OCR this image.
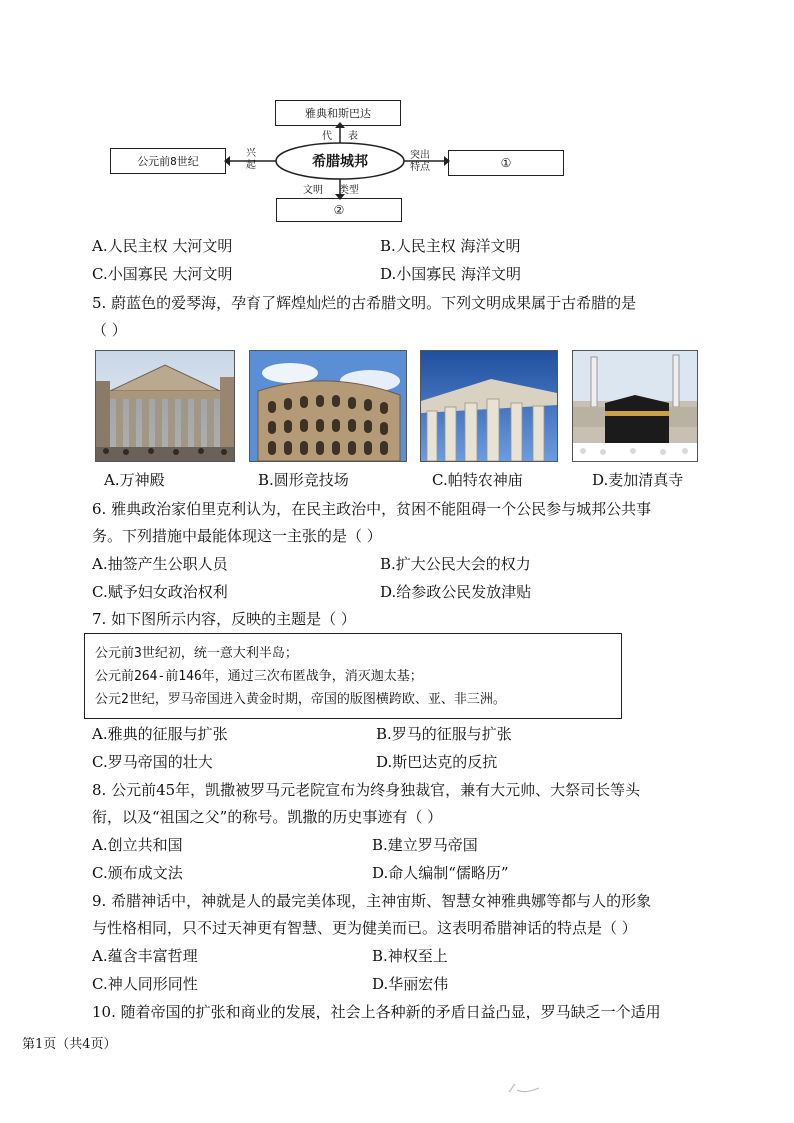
雅典和斯巴达
公元前8世纪	①
②
希腊城邦
代 表
兴
起
突出
特点
文明 类型
A.人民主权 大河文明	B.人民主权 海洋文明
C.小国寡民 大河文明	D.小国寡民 海洋文明
5. 蔚蓝色的爱琴海，孕育了辉煌灿烂的古希腊文明。下列文明成果属于古希腊的是
（ ）
A.万神殿	B.圆形竞技场	C.帕特农神庙	D.麦加清真寺
6. 雅典政治家伯里克利认为，在民主政治中，贫困不能阻碍一个公民参与城邦公共事
务。下列措施中最能体现这一主张的是（ ）
A.抽签产生公职人员	B.扩大公民大会的权力
C.赋予妇女政治权利	D.给参政公民发放津贴
7. 如下图所示内容，反映的主题是（ ）
公元前3世纪初，统一意大利半岛；
公元前264-前146年，通过三次布匿战争，消灭迦太基；
公元2世纪，罗马帝国进入黄金时期，帝国的版图横跨欧、亚、非三洲。
A.雅典的征服与扩张	B.罗马的征服与扩张
C.罗马帝国的壮大	D.斯巴达克的反抗
8. 公元前45年，凯撒被罗马元老院宣布为终身独裁官，兼有大元帅、大祭司长等头
衔，以及“祖国之父”的称号。凯撒的历史事迹有（ ）
A.创立共和国	B.建立罗马帝国
C.颁布成文法	D.命人编制“儒略历”
9. 希腊神话中，神就是人的最完美体现，主神宙斯、智慧女神雅典娜等都与人的形象
与性格相同，只不过天神更有智慧、更为健美而已。这表明希腊神话的特点是（ ）
A.蕴含丰富哲理	B.神权至上
C.神人同形同性	D.华丽宏伟
10. 随着帝国的扩张和商业的发展，社会上各种新的矛盾日益凸显，罗马缺乏一个适用
第1页（共4页）
